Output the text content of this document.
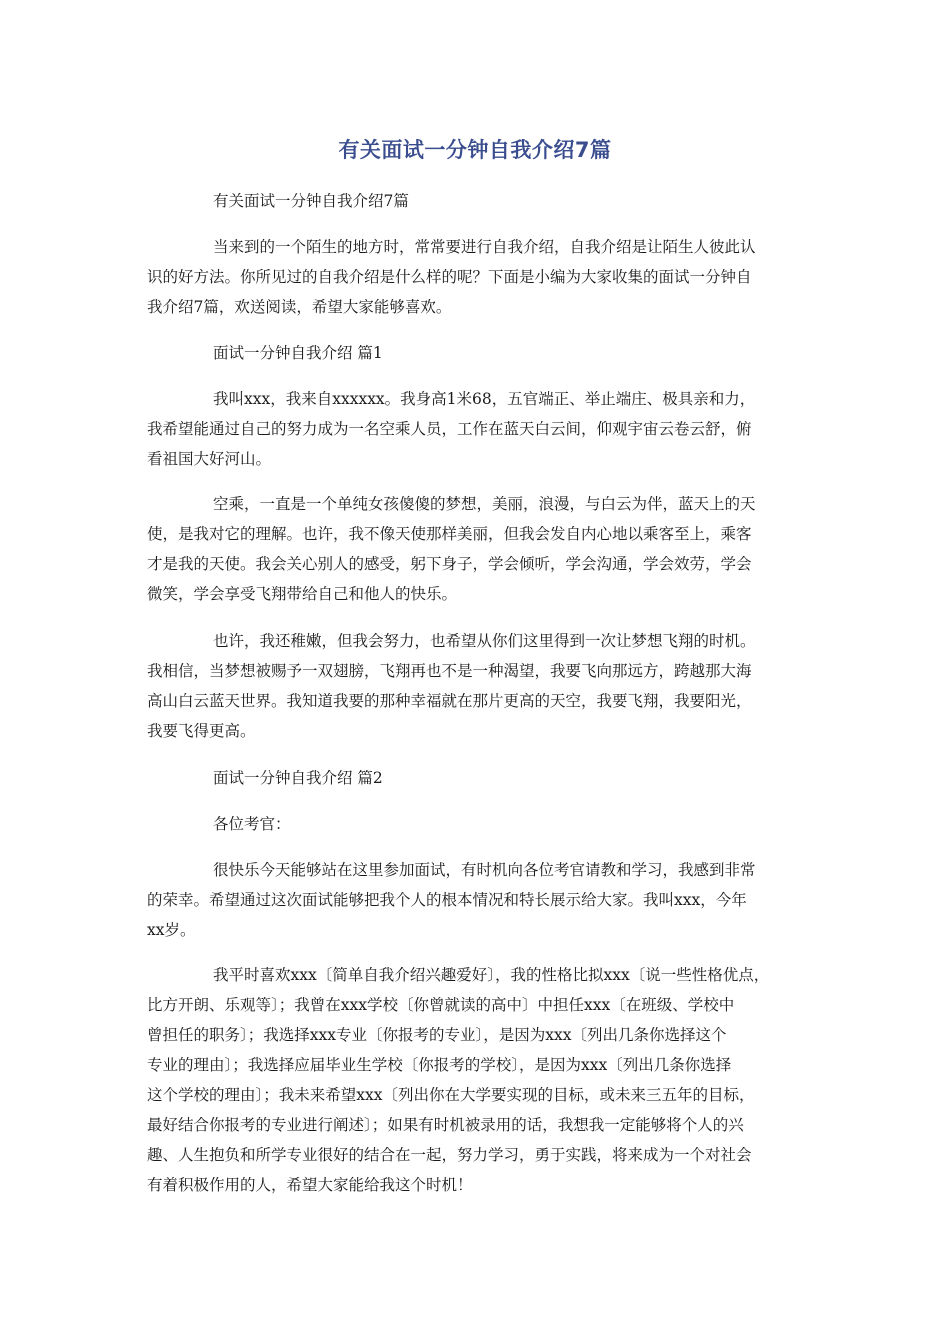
有关面试一分钟自我介绍7篇
有关面试一分钟自我介绍7篇
当来到的一个陌生的地方时，常常要进行自我介绍，自我介绍是让陌生人彼此认
识的好方法。你所见过的自我介绍是什么样的呢？下面是小编为大家收集的面试一分钟自
我介绍7篇，欢送阅读，希望大家能够喜欢。
面试一分钟自我介绍 篇1
我叫xxx，我来自xxxxxx。我身高1米68，五官端正、举止端庄、极具亲和力，
我希望能通过自己的努力成为一名空乘人员，工作在蓝天白云间，仰观宇宙云卷云舒，俯
看祖国大好河山。
空乘，一直是一个单纯女孩傻傻的梦想，美丽，浪漫，与白云为伴，蓝天上的天
使，是我对它的理解。也许，我不像天使那样美丽，但我会发自内心地以乘客至上，乘客
才是我的天使。我会关心别人的感受，躬下身子，学会倾听，学会沟通，学会效劳，学会
微笑，学会享受飞翔带给自己和他人的快乐。
也许，我还稚嫩，但我会努力，也希望从你们这里得到一次让梦想飞翔的时机。
我相信，当梦想被赐予一双翅膀，飞翔再也不是一种渴望，我要飞向那远方，跨越那大海
高山白云蓝天世界。我知道我要的那种幸福就在那片更高的天空，我要飞翔，我要阳光，
我要飞得更高。
面试一分钟自我介绍 篇2
各位考官：
很快乐今天能够站在这里参加面试，有时机向各位考官请教和学习，我感到非常
的荣幸。希望通过这次面试能够把我个人的根本情况和特长展示给大家。我叫xxx，今年
xx岁。
我平时喜欢xxx〔简单自我介绍兴趣爱好〕，我的性格比拟xxx〔说一些性格优点，
比方开朗、乐观等〕；我曾在xxx学校〔你曾就读的高中〕中担任xxx〔在班级、学校中
曾担任的职务〕；我选择xxx专业〔你报考的专业〕，是因为xxx〔列出几条你选择这个
专业的理由〕；我选择应届毕业生学校〔你报考的学校〕，是因为xxx〔列出几条你选择
这个学校的理由〕；我未来希望xxx〔列出你在大学要实现的目标，或未来三五年的目标，
最好结合你报考的专业进行阐述〕；如果有时机被录用的话，我想我一定能够将个人的兴
趣、人生抱负和所学专业很好的结合在一起，努力学习，勇于实践，将来成为一个对社会
有着积极作用的人，希望大家能给我这个时机！
